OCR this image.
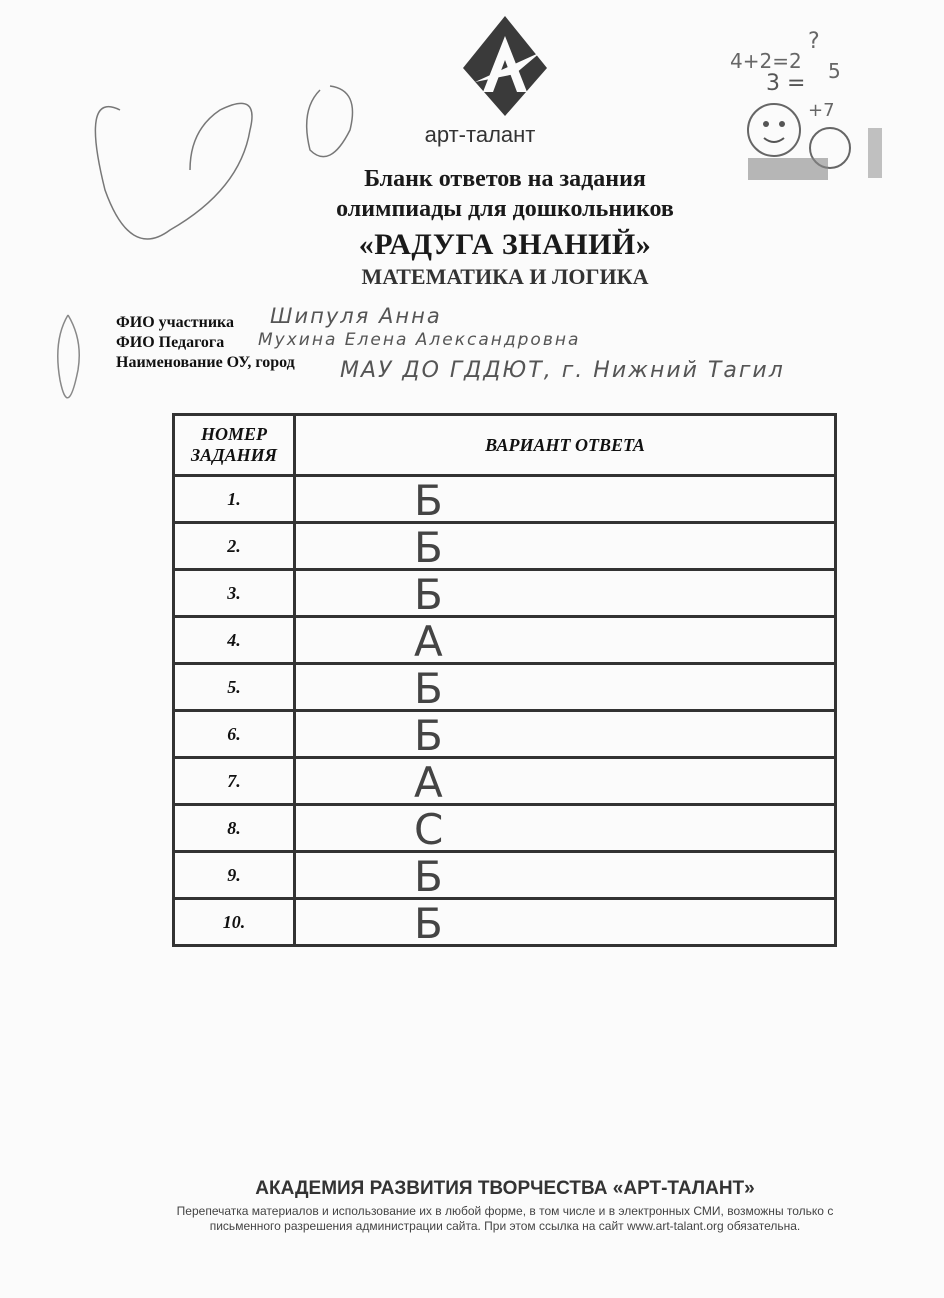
арт-талант
4+2=2
?
5
3 =
+7
Бланк ответов на задания
олимпиады для дошкольников
«РАДУГА ЗНАНИЙ»
МАТЕМАТИКА И ЛОГИКА
ФИО участника Шипуля Анна
ФИО Педагога Мухина Елена Александровна
Наименование ОУ, город МАУ ДО ГДДЮТ, г. Нижний Тагил
НОМЕР
ЗАДАНИЯ	ВАРИАНТ ОТВЕТА
1.	Б

2.	Б

3.	Б

4.	А

5.	Б

6.	Б

7.	А

8.	С

9.	Б

10.	Б
АКАДЕМИЯ РАЗВИТИЯ ТВОРЧЕСТВА «АРТ-ТАЛАНТ»
Перепечатка материалов и использование их в любой форме, в том числе и в электронных СМИ, возможны только с
письменного разрешения администрации сайта. При этом ссылка на сайт www.art-talant.org обязательна.
